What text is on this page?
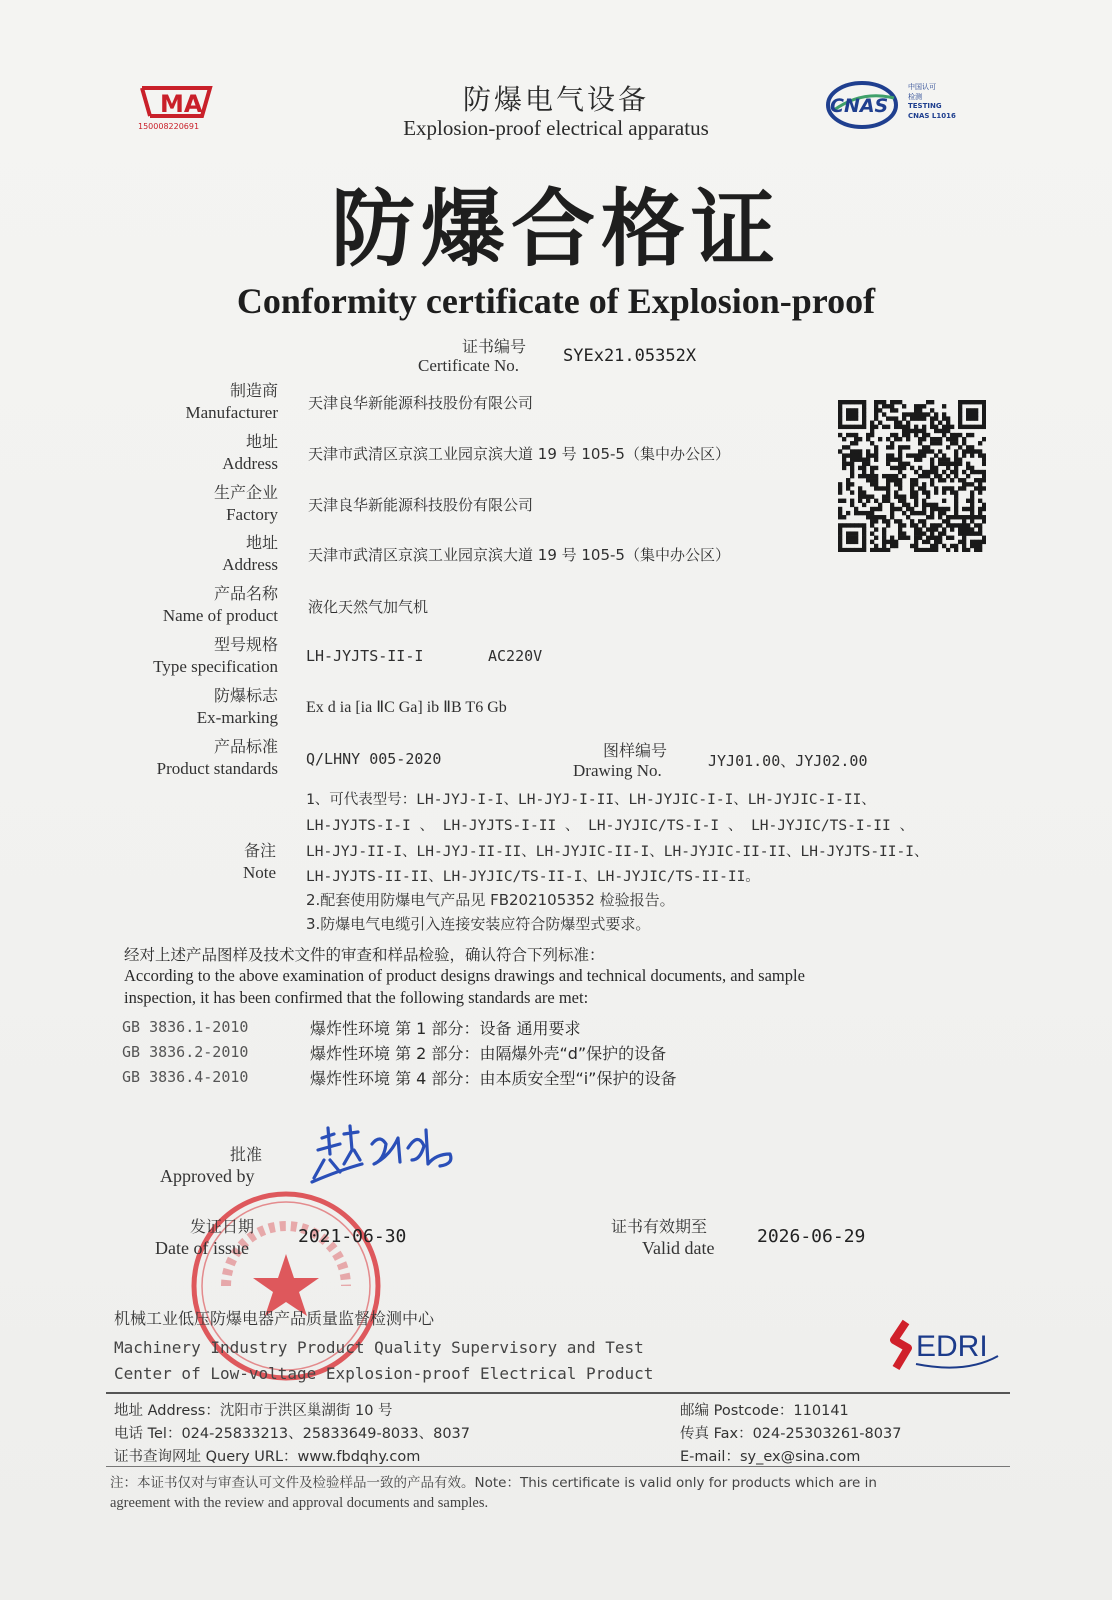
MA
150008220691
CNAS
中国认可
检测
TESTING
CNAS L1016
防爆电气设备
Explosion-proof electrical apparatus
防爆合格证
Conformity certificate of Explosion-proof
证书编号
Certificate No.	SYEx21.05352X
制造商
Manufacturer 天津良华新能源科技股份有限公司
地址
Address 天津市武清区京滨工业园京滨大道 19 号 105-5（集中办公区）
生产企业
Factory 天津良华新能源科技股份有限公司
地址
Address 天津市武清区京滨工业园京滨大道 19 号 105-5（集中办公区）
产品名称
Name of product 液化天然气加气机
型号规格
Type specification
LH-JYJTS-II-I	AC220V
防爆标志
Ex-marking
Ex d ia [ia ⅡC Ga] ib ⅡB T6 Gb
产品标准
Product standards Q/LHNY 005-2020	图样编号
Drawing No.	JYJ01.00、JYJ02.00
备注
Note
1、可代表型号：LH-JYJ-I-I、LH-JYJ-I-II、LH-JYJIC-I-I、LH-JYJIC-I-II、
LH-JYJTS-I-I 、 LH-JYJTS-I-II 、 LH-JYJIC/TS-I-I 、 LH-JYJIC/TS-I-II 、
LH-JYJ-II-I、LH-JYJ-II-II、LH-JYJIC-II-I、LH-JYJIC-II-II、LH-JYJTS-II-I、
LH-JYJTS-II-II、LH-JYJIC/TS-II-I、LH-JYJIC/TS-II-II。
2.配套使用防爆电气产品见 FB202105352 检验报告。
3.防爆电气电缆引入连接安装应符合防爆型式要求。
经对上述产品图样及技术文件的审查和样品检验，确认符合下列标准：
According to the above examination of product designs drawings and technical documents, and sample
inspection, it has been confirmed that the following standards are met:
GB 3836.1-2010	爆炸性环境 第 1 部分：设备 通用要求
GB 3836.2-2010	爆炸性环境 第 2 部分：由隔爆外壳“d”保护的设备
GB 3836.4-2010	爆炸性环境 第 4 部分：由本质安全型“i”保护的设备
批准
Approved by
发证日期
Date of issue
2021-06-30	证书有效期至
Valid date
2026-06-29
机械工业低压防爆电器产品质量监督检测中心
Machinery Industry Product Quality Supervisory and Test
Center of Low-voltage Explosion-proof Electrical Product
EDRI
地址 Address：沈阳市于洪区巢湖街 10 号
电话 Tel：024-25833213、25833649-8033、8037
证书查询网址 Query URL：www.fbdqhy.com
邮编 Postcode：110141
传真 Fax：024-25303261-8037
E-mail：sy_ex@sina.com
注：本证书仅对与审查认可文件及检验样品一致的产品有效。Note：This certificate is valid only for products which are in
agreement with the review and approval documents and samples.
